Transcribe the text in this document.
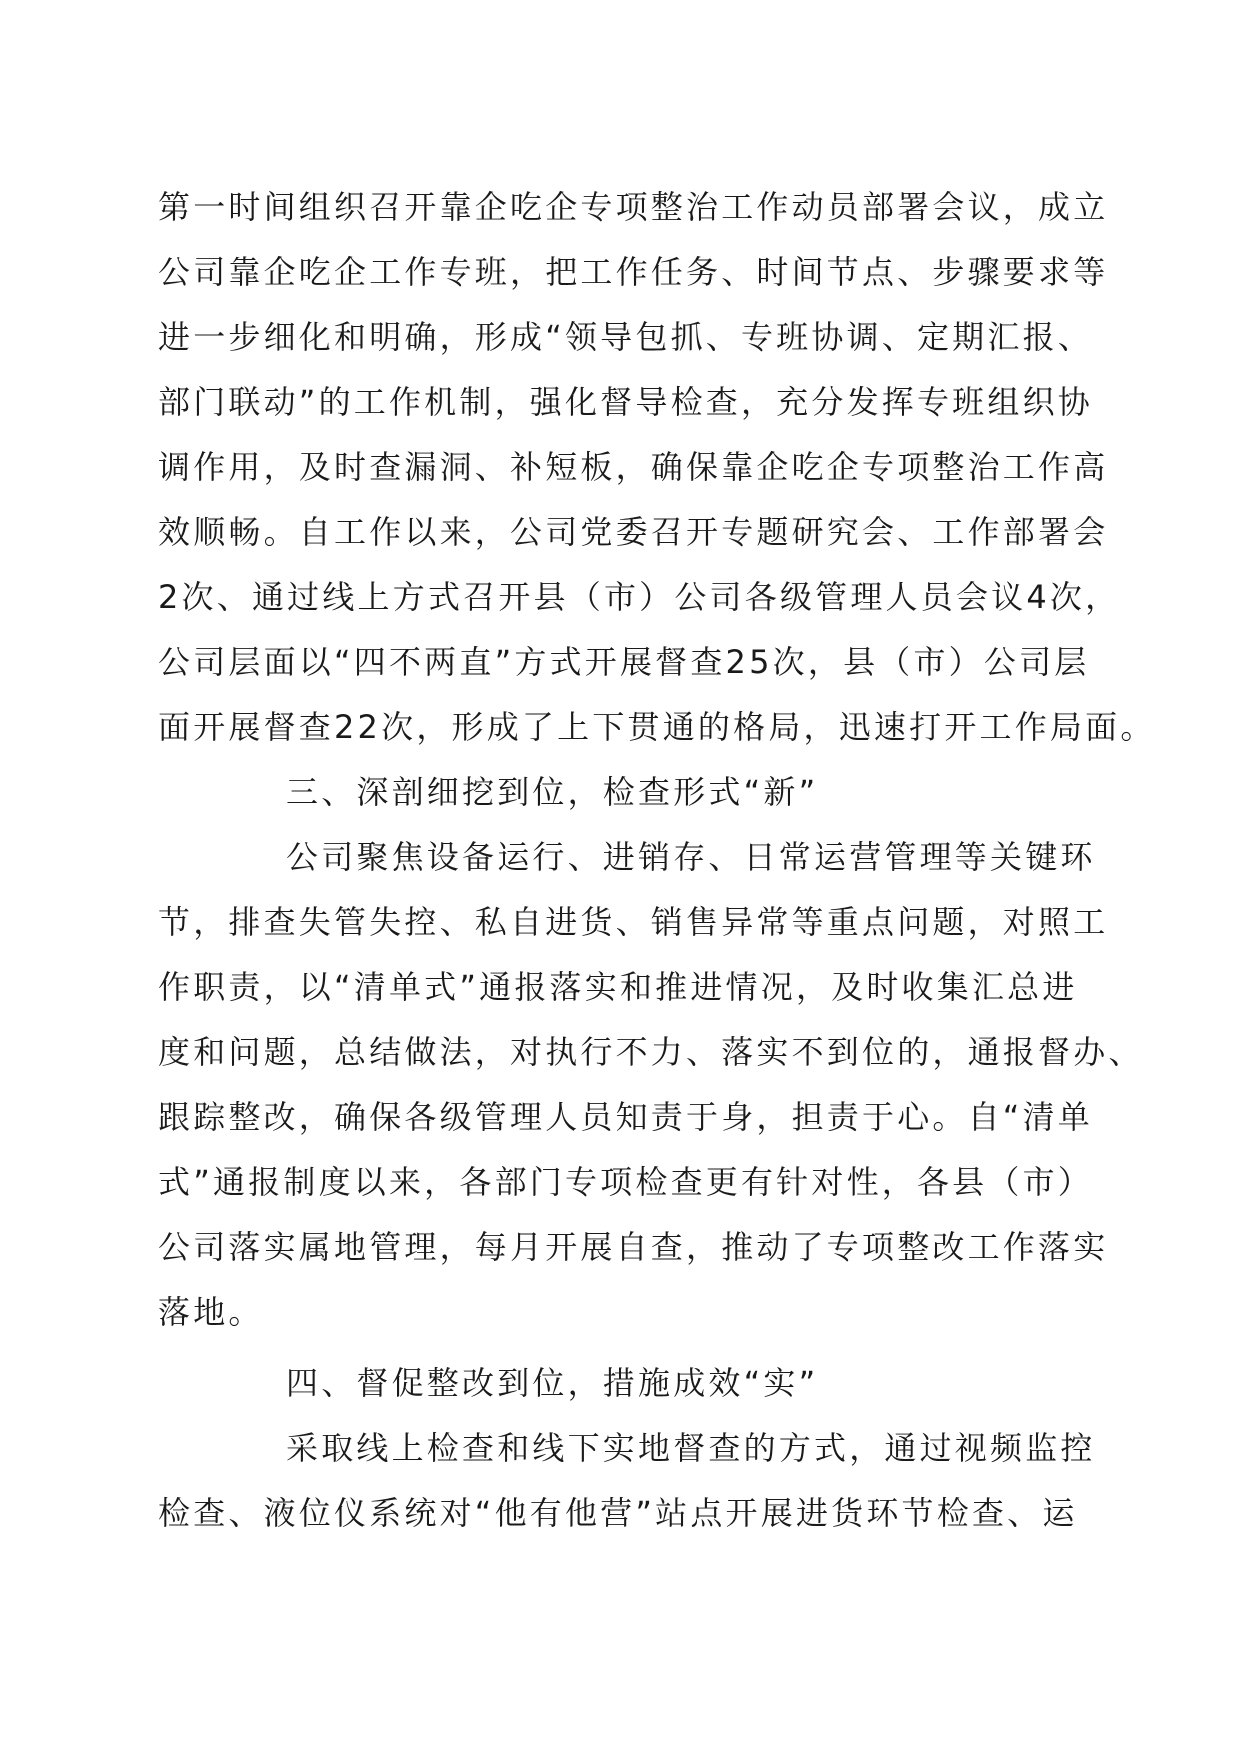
第一时间组织召开靠企吃企专项整治工作动员部署会议，成立
公司靠企吃企工作专班，把工作任务、时间节点、步骤要求等
进一步细化和明确，形成“领导包抓、专班协调、定期汇报、
部门联动”的工作机制，强化督导检查，充分发挥专班组织协
调作用，及时查漏洞、补短板，确保靠企吃企专项整治工作高
效顺畅。自工作以来，公司党委召开专题研究会、工作部署会
2次、通过线上方式召开县（市）公司各级管理人员会议4次，
公司层面以“四不两直”方式开展督查25次，县（市）公司层
面开展督查22次，形成了上下贯通的格局，迅速打开工作局面。
三、深剖细挖到位，检查形式“新”
公司聚焦设备运行、进销存、日常运营管理等关键环
节，排查失管失控、私自进货、销售异常等重点问题，对照工
作职责，以“清单式”通报落实和推进情况，及时收集汇总进
度和问题，总结做法，对执行不力、落实不到位的，通报督办、
跟踪整改，确保各级管理人员知责于身，担责于心。自“清单
式”通报制度以来，各部门专项检查更有针对性，各县（市）
公司落实属地管理，每月开展自查，推动了专项整改工作落实
落地。
四、督促整改到位，措施成效“实”
采取线上检查和线下实地督查的方式，通过视频监控
检查、液位仪系统对“他有他营”站点开展进货环节检查、运
